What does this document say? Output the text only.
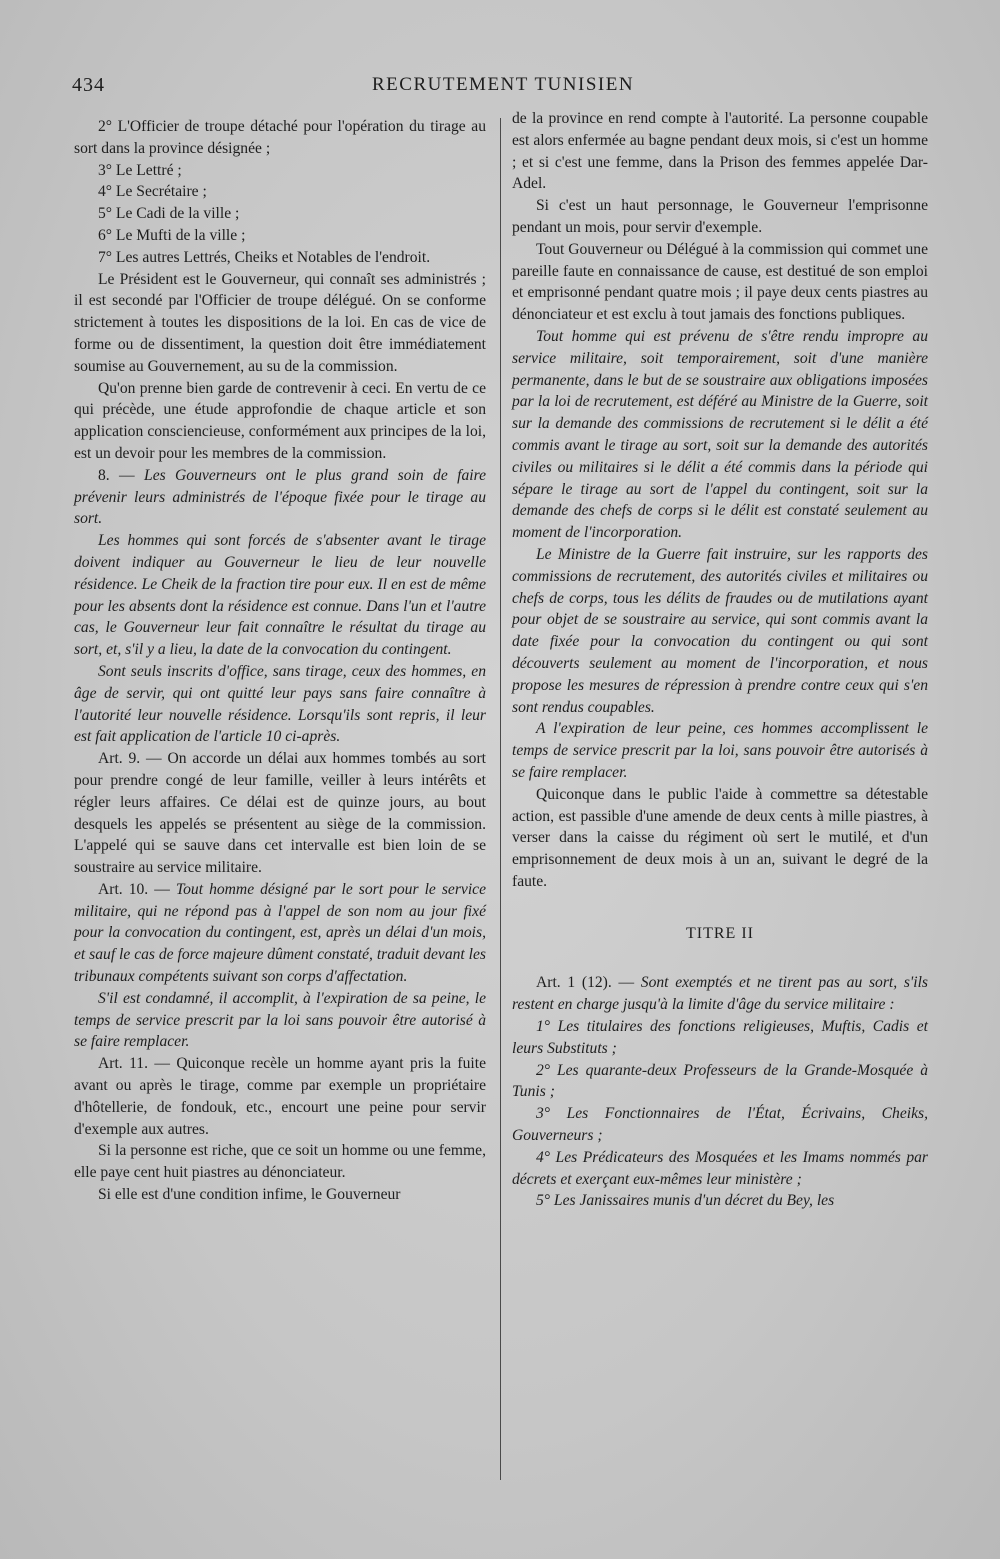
434	RECRUTEMENT TUNISIEN

2° L'Officier de troupe détaché pour l'opération du tirage au sort dans la province désignée ;

3° Le Lettré ;

4° Le Secrétaire ;

5° Le Cadi de la ville ;

6° Le Mufti de la ville ;

7° Les autres Lettrés, Cheiks et Notables de l'endroit.

Le Président est le Gouverneur, qui connaît ses administrés ; il est secondé par l'Officier de troupe délégué. On se conforme strictement à toutes les dispositions de la loi. En cas de vice de forme ou de dissentiment, la question doit être immédiatement soumise au Gouvernement, au su de la commission.

Qu'on prenne bien garde de contrevenir à ceci. En vertu de ce qui précède, une étude approfondie de chaque article et son application consciencieuse, conformément aux principes de la loi, est un devoir pour les membres de la commission.

8. — Les Gouverneurs ont le plus grand soin de faire prévenir leurs administrés de l'époque fixée pour le tirage au sort.

Les hommes qui sont forcés de s'absenter avant le tirage doivent indiquer au Gouverneur le lieu de leur nouvelle résidence. Le Cheik de la fraction tire pour eux. Il en est de même pour les absents dont la résidence est connue. Dans l'un et l'autre cas, le Gouverneur leur fait connaître le résultat du tirage au sort, et, s'il y a lieu, la date de la convocation du contingent.

Sont seuls inscrits d'office, sans tirage, ceux des hommes, en âge de servir, qui ont quitté leur pays sans faire connaître à l'autorité leur nouvelle résidence. Lorsqu'ils sont repris, il leur est fait application de l'article 10 ci-après.

Art. 9. — On accorde un délai aux hommes tombés au sort pour prendre congé de leur famille, veiller à leurs intérêts et régler leurs affaires. Ce délai est de quinze jours, au bout desquels les appelés se présentent au siège de la commission. L'appelé qui se sauve dans cet intervalle est bien loin de se soustraire au service militaire.

Art. 10. — Tout homme désigné par le sort pour le service militaire, qui ne répond pas à l'appel de son nom au jour fixé pour la convocation du contingent, est, après un délai d'un mois, et sauf le cas de force majeure dûment constaté, traduit devant les tribunaux compétents suivant son corps d'affectation.

S'il est condamné, il accomplit, à l'expiration de sa peine, le temps de service prescrit par la loi sans pouvoir être autorisé à se faire remplacer.

Art. 11. — Quiconque recèle un homme ayant pris la fuite avant ou après le tirage, comme par exemple un propriétaire d'hôtellerie, de fondouk, etc., encourt une peine pour servir d'exemple aux autres.

Si la personne est riche, que ce soit un homme ou une femme, elle paye cent huit piastres au dénonciateur.

Si elle est d'une condition infime, le Gouverneur

de la province en rend compte à l'autorité. La personne coupable est alors enfermée au bagne pendant deux mois, si c'est un homme ; et si c'est une femme, dans la Prison des femmes appelée Dar-Adel.

Si c'est un haut personnage, le Gouverneur l'emprisonne pendant un mois, pour servir d'exemple.

Tout Gouverneur ou Délégué à la commission qui commet une pareille faute en connaissance de cause, est destitué de son emploi et emprisonné pendant quatre mois ; il paye deux cents piastres au dénonciateur et est exclu à tout jamais des fonctions publiques.

Tout homme qui est prévenu de s'être rendu impropre au service militaire, soit temporairement, soit d'une manière permanente, dans le but de se soustraire aux obligations imposées par la loi de recrutement, est déféré au Ministre de la Guerre, soit sur la demande des commissions de recrutement si le délit a été commis avant le tirage au sort, soit sur la demande des autorités civiles ou militaires si le délit a été commis dans la période qui sépare le tirage au sort de l'appel du contingent, soit sur la demande des chefs de corps si le délit est constaté seulement au moment de l'incorporation.

Le Ministre de la Guerre fait instruire, sur les rapports des commissions de recrutement, des autorités civiles et militaires ou chefs de corps, tous les délits de fraudes ou de mutilations ayant pour objet de se soustraire au service, qui sont commis avant la date fixée pour la convocation du contingent ou qui sont découverts seulement au moment de l'incorporation, et nous propose les mesures de répression à prendre contre ceux qui s'en sont rendus coupables.

A l'expiration de leur peine, ces hommes accomplissent le temps de service prescrit par la loi, sans pouvoir être autorisés à se faire remplacer.

Quiconque dans le public l'aide à commettre sa détestable action, est passible d'une amende de deux cents à mille piastres, à verser dans la caisse du régiment où sert le mutilé, et d'un emprisonnement de deux mois à un an, suivant le degré de la faute.

TITRE II

Art. 1 (12). — Sont exemptés et ne tirent pas au sort, s'ils restent en charge jusqu'à la limite d'âge du service militaire :

1° Les titulaires des fonctions religieuses, Muftis, Cadis et leurs Substituts ;

2° Les quarante-deux Professeurs de la Grande-Mosquée à Tunis ;

3° Les Fonctionnaires de l'État, Écrivains, Cheiks, Gouverneurs ;

4° Les Prédicateurs des Mosquées et les Imams nommés par décrets et exerçant eux-mêmes leur ministère ;

5° Les Janissaires munis d'un décret du Bey, les
